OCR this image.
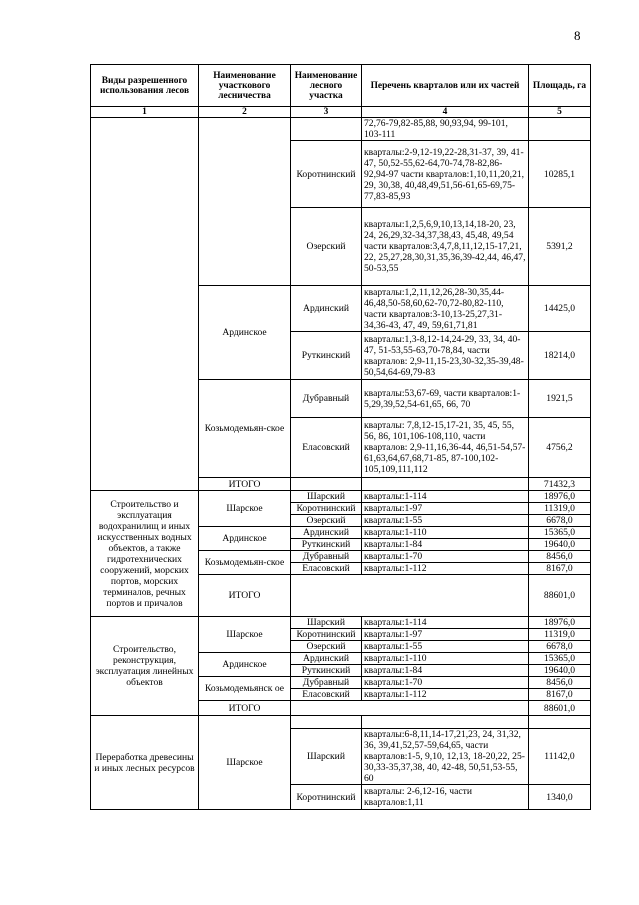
8
Виды разрешенного использования лесов	Наименование участкового лесничества	Наименование лесного участка	Перечень кварталов или их частей	Площадь, га
1	2	3	4	5
			72,76-79,82-85,88, 90,93,94, 99-101, 103-111	
		Коротнинский	кварталы:2-9,12-19,22-28,31-37, 39, 41-47, 50,52-55,62-64,70-74,78-82,86-92,94-97 части кварталов:1,10,11,20,21, 29, 30,38, 40,48,49,51,56-61,65-69,75-77,83-85,93	10285,1
		Озерский	кварталы:1,2,5,6,9,10,13,14,18-20, 23, 24, 26,29,32-34,37,38,43, 45,48, 49,54 части кварталов:3,4,7,8,11,12,15-17,21, 22, 25,27,28,30,31,35,36,39-42,44, 46,47, 50-53,55	5391,2
	Ардинское	Ардинский	кварталы:1,2,11,12,26,28-30,35,44-46,48,50-58,60,62-70,72-80,82-110, части кварталов:3-10,13-25,27,31-34,36-43, 47, 49, 59,61,71,81	14425,0
		Руткинский	кварталы:1,3-8,12-14,24-29, 33, 34, 40-47, 51-53,55-63,70-78,84, части кварталов: 2,9-11,15-23,30-32,35-39,48-50,54,64-69,79-83	18214,0
	Козьмодемьян-ское	Дубравный	кварталы:53,67-69, части кварталов:1-5,29,39,52,54-61,65, 66, 70	1921,5
		Еласовский	кварталы: 7,8,12-15,17-21, 35, 45, 55, 56, 86, 101,106-108,110, части кварталов: 2,9-11,16,36-44, 46,51-54,57-61,63,64,67,68,71-85, 87-100,102-105,109,111,112	4756,2
	ИТОГО			71432,3
Строительство и эксплуатация водохранилищ и иных искусственных водных объектов, а также гидротехнических сооружений, морских портов, морских терминалов, речных портов и причалов	Шарское	Шарский	кварталы:1-114	18976,0
		Коротнинский	кварталы:1-97	11319,0
		Озерский	кварталы:1-55	6678,0
	Ардинское	Ардинский	кварталы:1-110	15365,0
		Руткинский	кварталы:1-84	19640,0
	Козьмодемьян-ское	Дубравный	кварталы:1-70	8456,0
		Еласовский	кварталы:1-112	8167,0
	ИТОГО			88601,0
Строительство, реконструкция, эксплуатация линейных объектов	Шарское	Шарский	кварталы:1-114	18976,0
		Коротнинский	кварталы:1-97	11319,0
		Озерский	кварталы:1-55	6678,0
	Ардинское	Ардинский	кварталы:1-110	15365,0
		Руткинский	кварталы:1-84	19640,0
	Козьмодемьянск ое	Дубравный	кварталы:1-70	8456,0
		Еласовский	кварталы:1-112	8167,0
	ИТОГО			88601,0
Переработка древесины и иных лесных ресурсов	Шарское			
		Шарский	кварталы:6-8,11,14-17,21,23, 24, 31,32, 36, 39,41,52,57-59,64,65, части кварталов:1-5, 9,10, 12,13, 18-20,22, 25-30,33-35,37,38, 40, 42-48, 50,51,53-55, 60	11142,0
		Коротнинский	кварталы: 2-6,12-16, части кварталов:1,11	1340,0
